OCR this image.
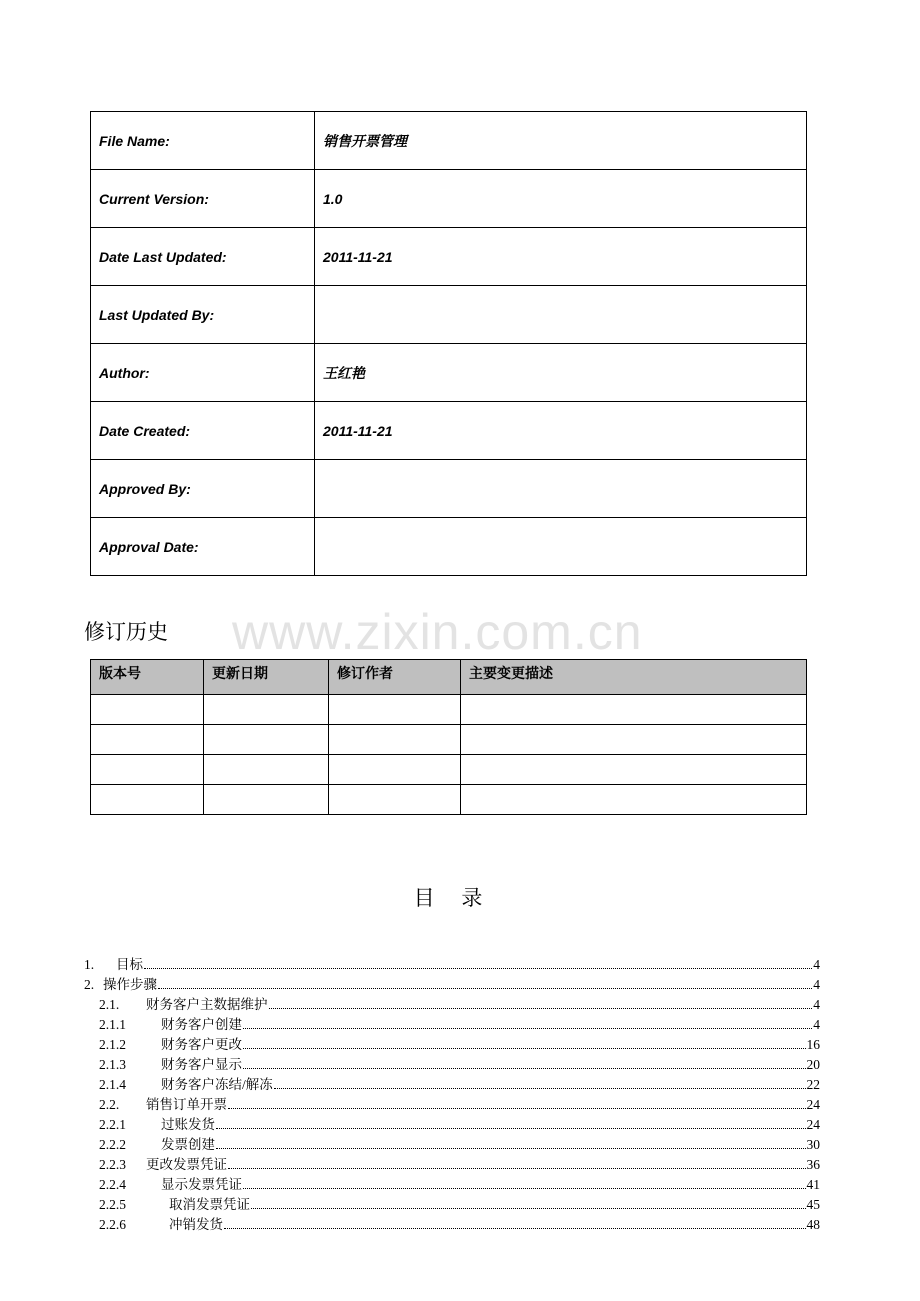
File Name:	销售开票管理
Current Version:	1.0
Date Last Updated:	2011-11-21
Last Updated By:	
Author:	王红艳
Date Created:	2011-11-21
Approved By:	
Approval Date:	
www.zixin.com.cn
修订历史
版本号	更新日期	修订作者	主要变更描述

目 录
1.	目标	4
2. 操作步骤	4
2.1.	财务客户主数据维护	4
2.1.1	财务客户创建	4
2.1.2	财务客户更改	16
2.1.3	财务客户显示	20
2.1.4	财务客户冻结/解冻	22
2.2.	销售订单开票	24
2.2.1	过账发货	24
2.2.2	发票创建	30
2.2.3	更改发票凭证	36
2.2.4	显示发票凭证	41
2.2.5	取消发票凭证	45
2.2.6	冲销发货	48
